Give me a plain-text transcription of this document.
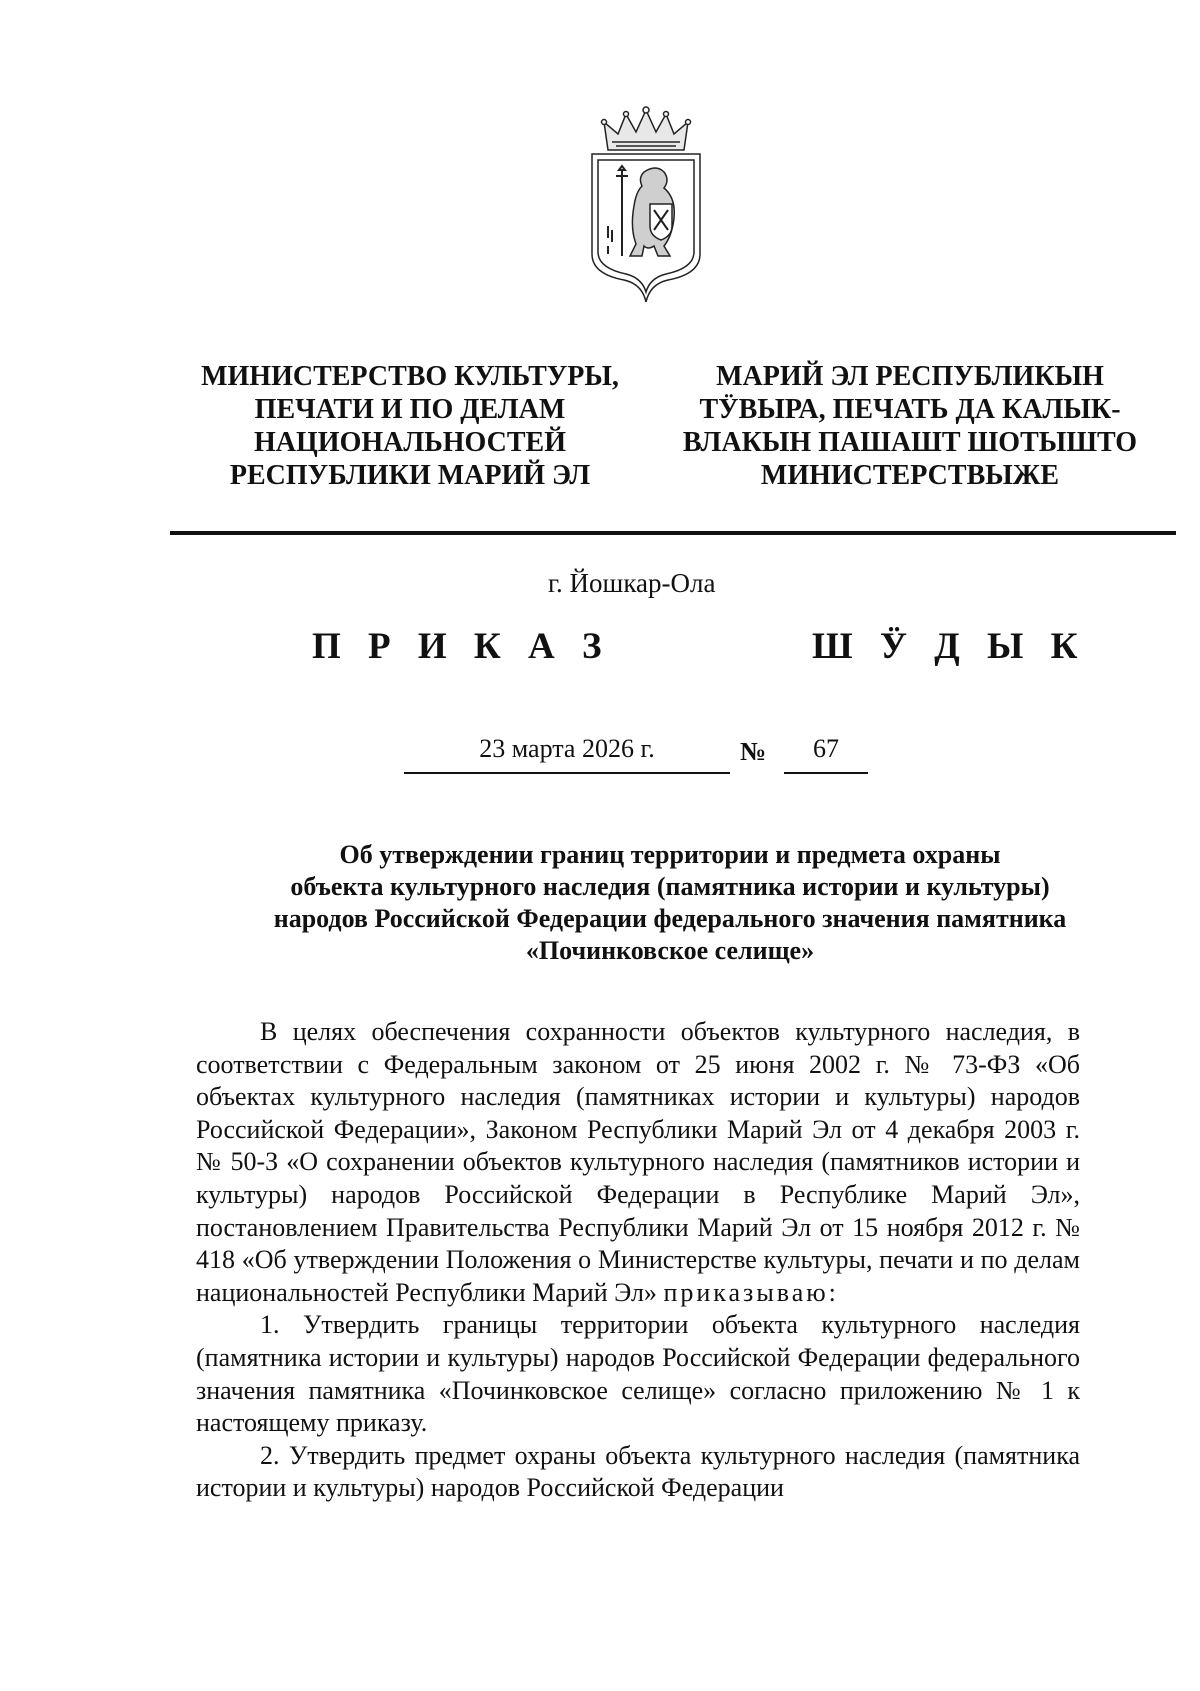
МИНИСТЕРСТВО КУЛЬТУРЫ,
ПЕЧАТИ И ПО ДЕЛАМ
НАЦИОНАЛЬНОСТЕЙ
РЕСПУБЛИКИ МАРИЙ ЭЛ
МАРИЙ ЭЛ РЕСПУБЛИКЫН
ТӰВЫРА, ПЕЧАТЬ ДА КАЛЫК-
ВЛАКЫН ПАШАШТ ШОТЫШТО
МИНИСТЕРСТВЫЖЕ
г. Йошкар-Ола
П Р И К А З	Ш Ӱ Д Ы К
23 марта 2026 г.	№	67
Об утверждении границ территории и предмета охраны
объекта культурного наследия (памятника истории и культуры)
народов Российской Федерации федерального значения памятника
«Починковское селище»

В целях обеспечения сохранности объектов культурного наследия, в соответствии с Федеральным законом от 25 июня 2002 г. № 73-ФЗ «Об объектах культурного наследия (памятниках истории и культуры) народов Российской Федерации», Законом Республики Марий Эл от 4 декабря 2003 г. № 50-З «О сохранении объектов культурного наследия (памятников истории и культуры) народов Российской Федерации в Республике Марий Эл», постановлением Правительства Республики Марий Эл от 15 ноября 2012 г. № 418 «Об утверждении Положения о Министерстве культуры, печати и по делам национальностей Республики Марий Эл» приказываю:

1. Утвердить границы территории объекта культурного наследия (памятника истории и культуры) народов Российской Федерации федерального значения памятника «Починковское селище» согласно приложению № 1 к настоящему приказу.

2. Утвердить предмет охраны объекта культурного наследия (памятника истории и культуры) народов Российской Федерации
